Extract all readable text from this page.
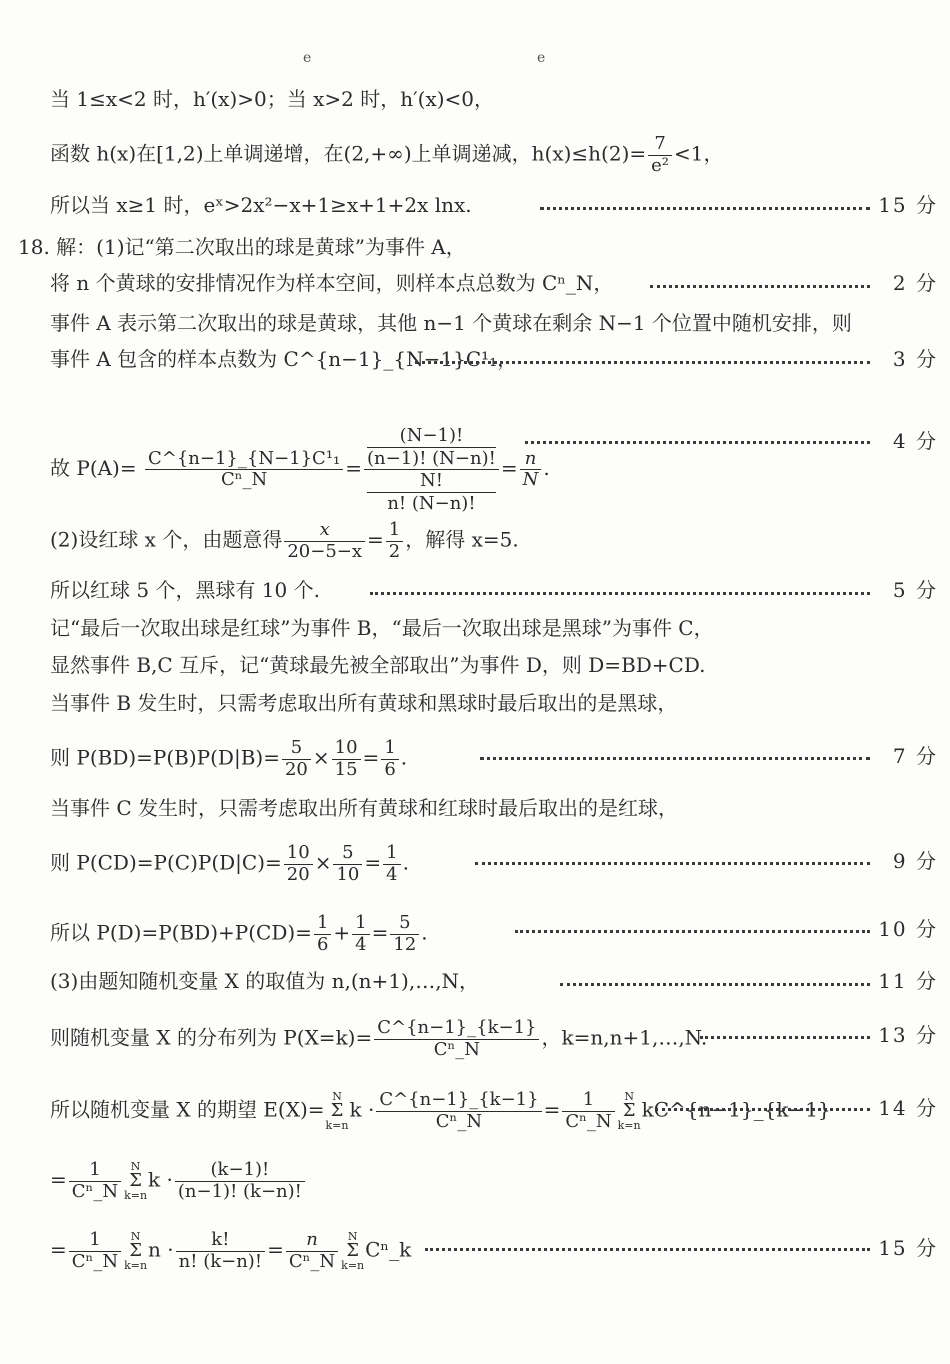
e	e
当 1≤x<2 时，h′(x)>0；当 x>2 时，h′(x)<0，
函数 h(x)在[1,2)上单调递增，在(2,+∞)上单调递减，$h(x)\le h(2)= \frac{7}{\text{e²}} <1$，
所以当 x≥1 时，eˣ>2x²−x+1≥x+1+2x lnx.	15 分
18. 解：(1)记“第二次取出的球是黄球”为事件 A，
将 n 个黄球的安排情况作为样本空间，则样本点总数为 Cⁿ_N，	2 分
事件 A 表示第二次取出的球是黄球，其他 n−1 个黄球在剩余 N−1 个位置中随机安排，则
事件 A 包含的样本点数为 C^{n−1}_{N−1}C¹₁，	3 分
故 $P(A)= \frac{\text{C\textasciicircum{}\{n−1\}\_\{N−1\}C¹₁}}{\text{Cⁿ\_N}} = (N-1)$!
(n−1)! (N−n)!
N!
n! (N−n)! = $\frac{n}{N}$ .
4 分
(2)设红球 x 个，由题意得 $\frac{x}{20-5-x} = \frac{1}{2}$ ，解得 x=5.
所以红球 5 个，黑球有 10 个.	5 分
记“最后一次取出球是红球”为事件 B，“最后一次取出球是黑球”为事件 C，
显然事件 B,C 互斥，记“黄球最先被全部取出”为事件 D，则 D=BD+CD.
当事件 B 发生时，只需考虑取出所有黄球和黑球时最后取出的是黑球，
则 $P(BD)=P(B)P(D|B)= \frac{5}{20} \times \frac{10}{15} = \frac{1}{6}$ .	7 分
当事件 C 发生时，只需考虑取出所有黄球和红球时最后取出的是红球，
则 $P(CD)=P(C)P(D|C)= \frac{10}{20} \times \frac{5}{10} = \frac{1}{4}$ .	9 分
所以 $P(D)=P(BD)+P(CD)= \frac{1}{6} + \frac{1}{4} = \frac{5}{12}$ .	10 分
(3)由题知随机变量 X 的取值为 n,(n+1),…,N，	11 分
则随机变量 X 的分布列为 $P(X=k)= \frac{C\^{}\{n-1\}\_\{k-1\}}{\text{Cⁿ\_N}}$ ，k=n,n+1,…,N.	13 分
所以随机变量 X 的期望 E(X)=N
Σ
$k=nk \cdot \frac{C\^{}\{n-1\}\_\{k-1\}}{\text{Cⁿ\_N}} = \frac{1}{\text{Cⁿ\_N}}$ N
Σ
k=nkC^{n−1}_{k−1} 14 分
= $\frac{1}{\text{Cⁿ\_N}}$ N
Σ
$k=nk \cdot \frac{(k-1)!}{(n-1)! (k-n)!}$
= $\frac{1}{\text{Cⁿ\_N}}$ N
Σ
$k=nn \cdot \frac{k!}{n! (k-n)!} = \frac{n}{\text{Cⁿ\_N}}$ N
Σ
k=nCⁿ_k	15 分
